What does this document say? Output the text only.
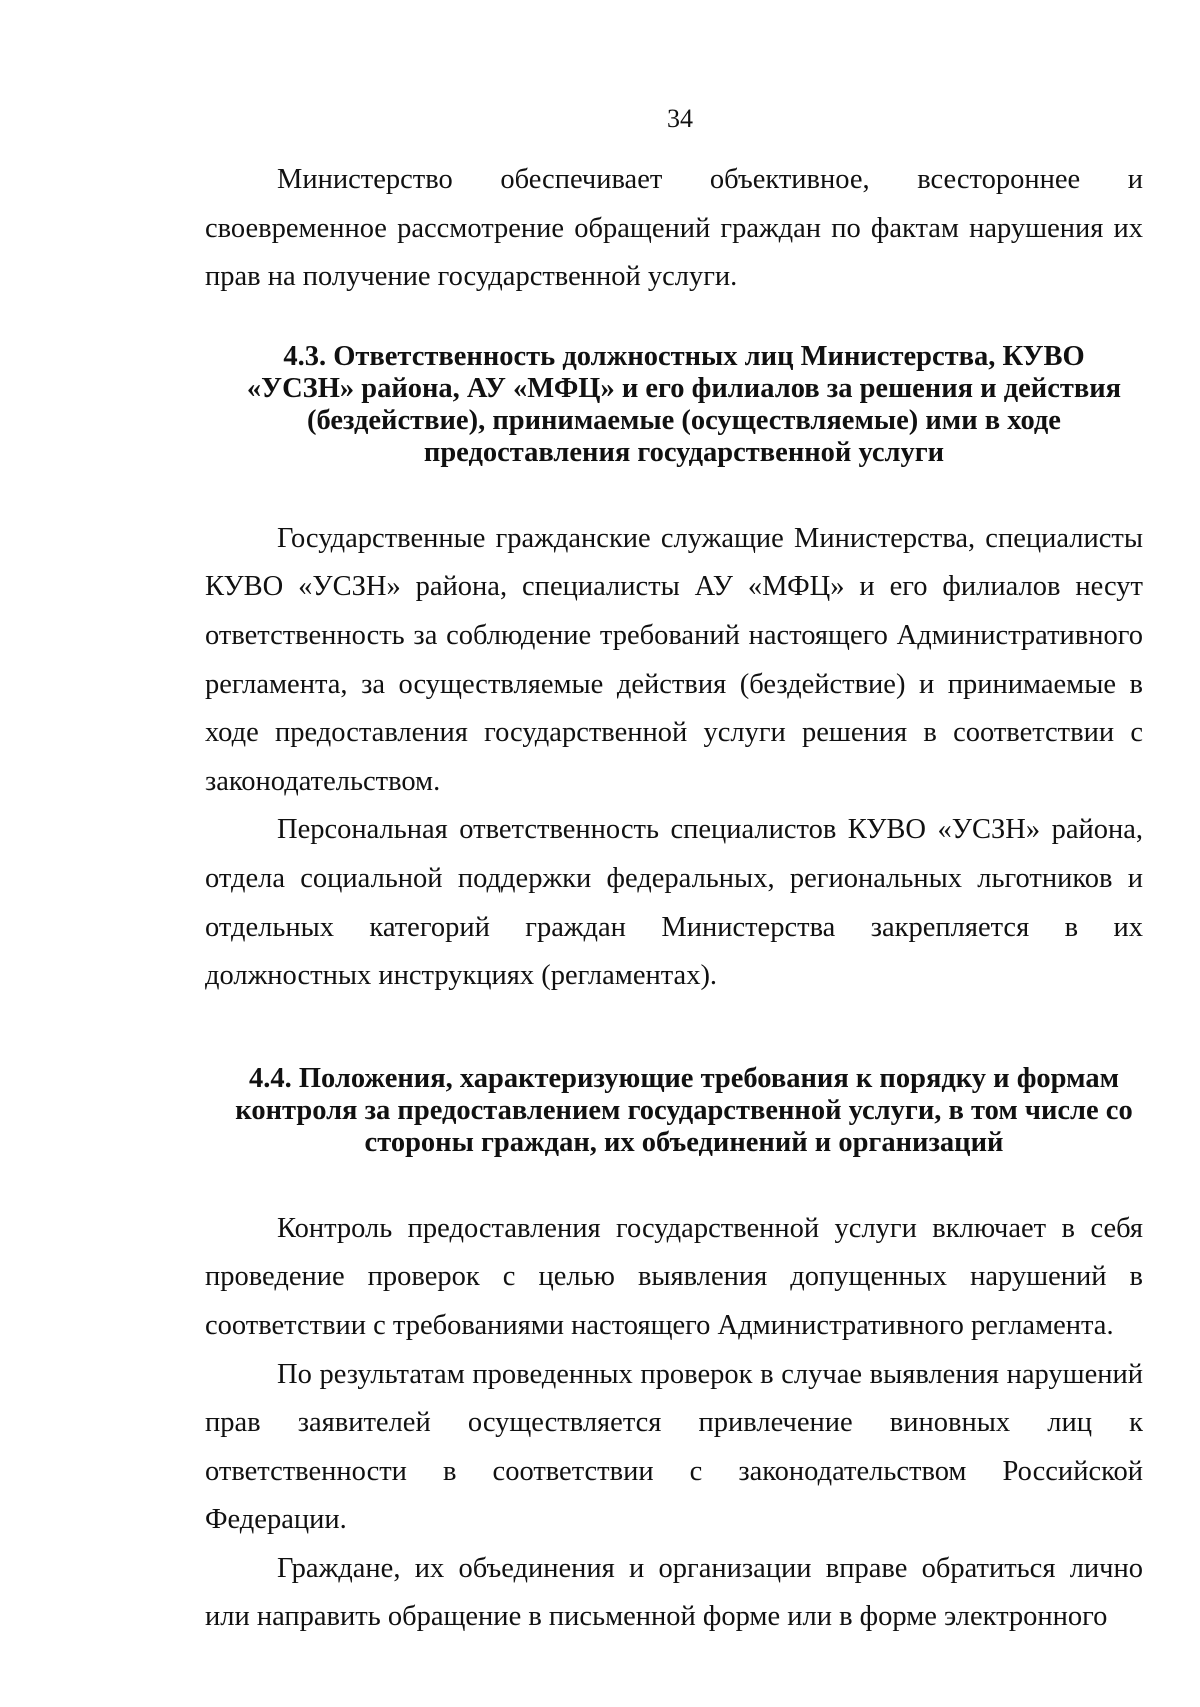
34

Министерство обеспечивает объективное, всестороннее и своевременное рассмотрение обращений граждан по фактам нарушения их прав на получение государственной услуги.

4.3. Ответственность должностных лиц Министерства, КУВО
«УСЗН» района, АУ «МФЦ» и его филиалов за решения и действия
(бездействие), принимаемые (осуществляемые) ими в ходе
предоставления государственной услуги

Государственные гражданские служащие Министерства, специалисты КУВО «УСЗН» района, специалисты АУ «МФЦ» и его филиалов несут ответственность за соблюдение требований настоящего Административного регламента, за осуществляемые действия (бездействие) и принимаемые в ходе предоставления государственной услуги решения в соответствии с законодательством.

Персональная ответственность специалистов КУВО «УСЗН» района, отдела социальной поддержки федеральных, региональных льготников и отдельных категорий граждан Министерства закрепляется в их должностных инструкциях (регламентах).

4.4. Положения, характеризующие требования к порядку и формам
контроля за предоставлением государственной услуги, в том числе со
стороны граждан, их объединений и организаций

Контроль предоставления государственной услуги включает в себя проведение проверок с целью выявления допущенных нарушений в соответствии с требованиями настоящего Административного регламента.

По результатам проведенных проверок в случае выявления нарушений прав заявителей осуществляется привлечение виновных лиц к ответственности в соответствии с законодательством Российской Федерации.

Граждане, их объединения и организации вправе обратиться лично или направить обращение в письменной форме или в форме электронного
